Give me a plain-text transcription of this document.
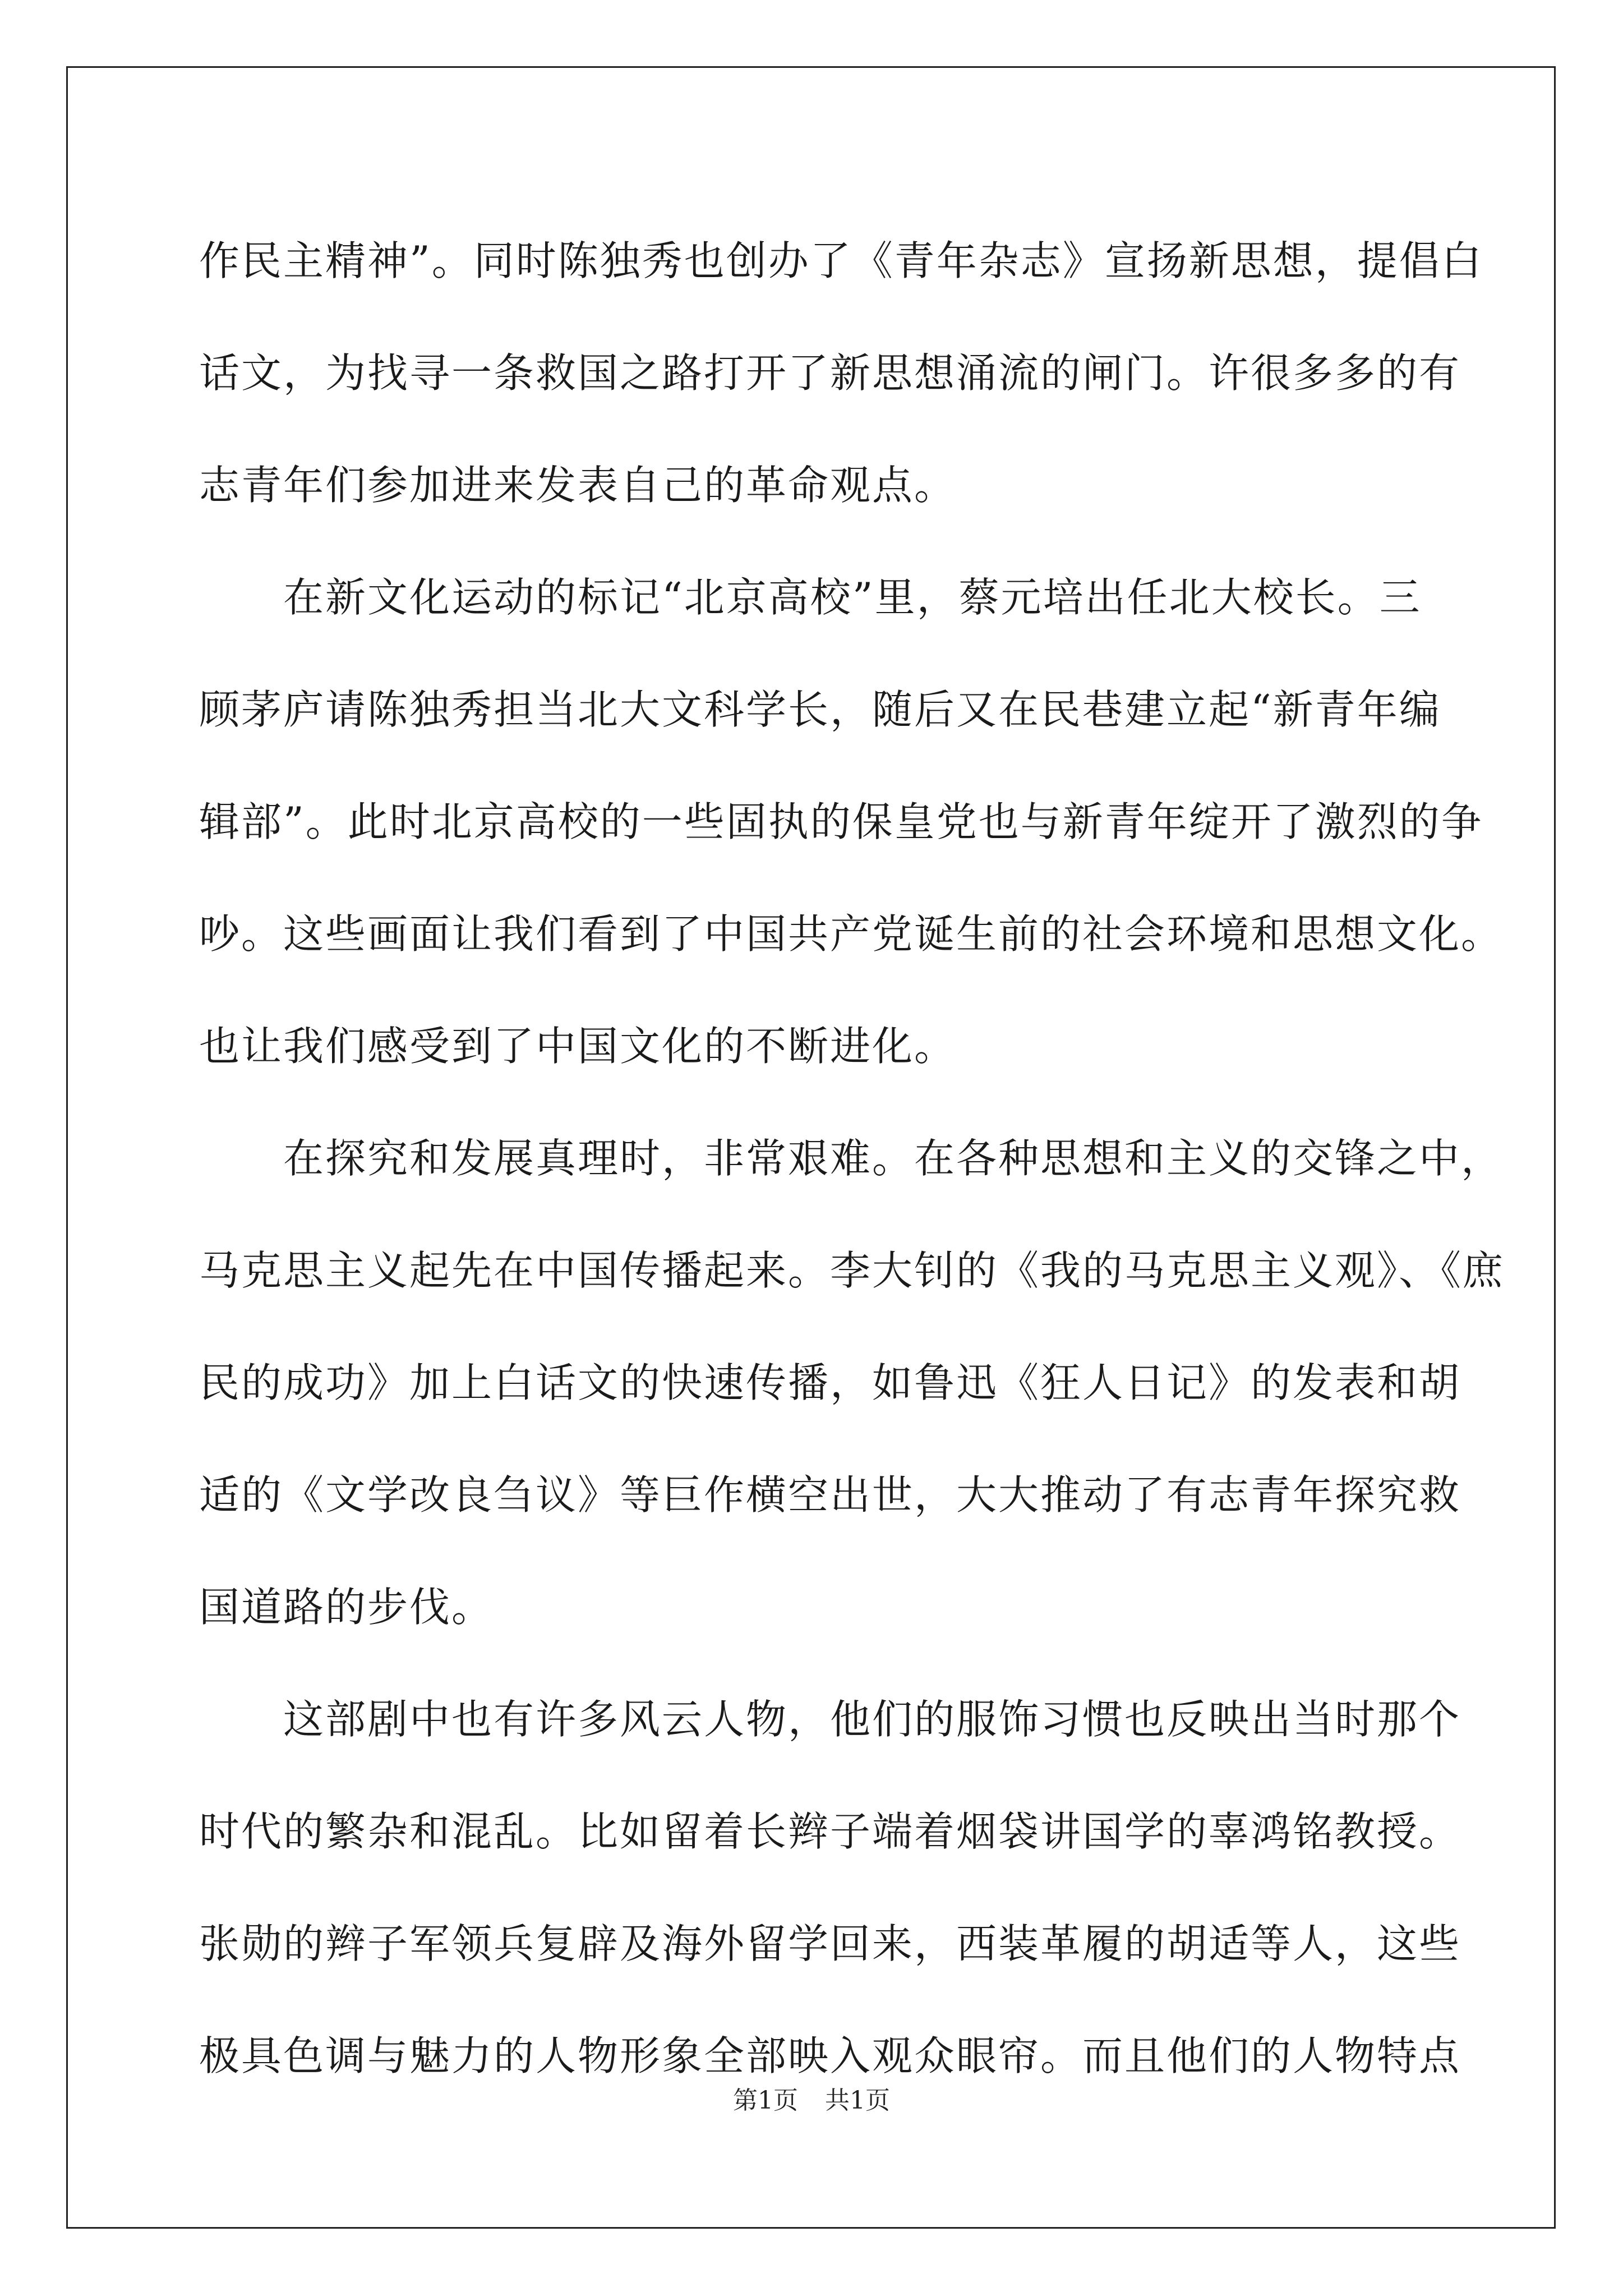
作民主精神”。同时陈独秀也创办了《青年杂志》宣扬新思想，提倡白
话文，为找寻一条救国之路打开了新思想涌流的闸门。许很多多的有
志青年们参加进来发表自己的革命观点。
在新文化运动的标记“北京高校”里，蔡元培出任北大校长。三
顾茅庐请陈独秀担当北大文科学长，随后又在民巷建立起“新青年编
辑部”。此时北京高校的一些固执的保皇党也与新青年绽开了激烈的争
吵。这些画面让我们看到了中国共产党诞生前的社会环境和思想文化。
也让我们感受到了中国文化的不断进化。
在探究和发展真理时，非常艰难。在各种思想和主义的交锋之中，
马克思主义起先在中国传播起来。李大钊的《我的马克思主义观》、《庶
民的成功》加上白话文的快速传播，如鲁迅《狂人日记》的发表和胡
适的《文学改良刍议》等巨作横空出世，大大推动了有志青年探究救
国道路的步伐。
这部剧中也有许多风云人物，他们的服饰习惯也反映出当时那个
时代的繁杂和混乱。比如留着长辫子端着烟袋讲国学的辜鸿铭教授。
张勋的辫子军领兵复辟及海外留学回来，西装革履的胡适等人，这些
极具色调与魅力的人物形象全部映入观众眼帘。而且他们的人物特点
第1页 共1页
